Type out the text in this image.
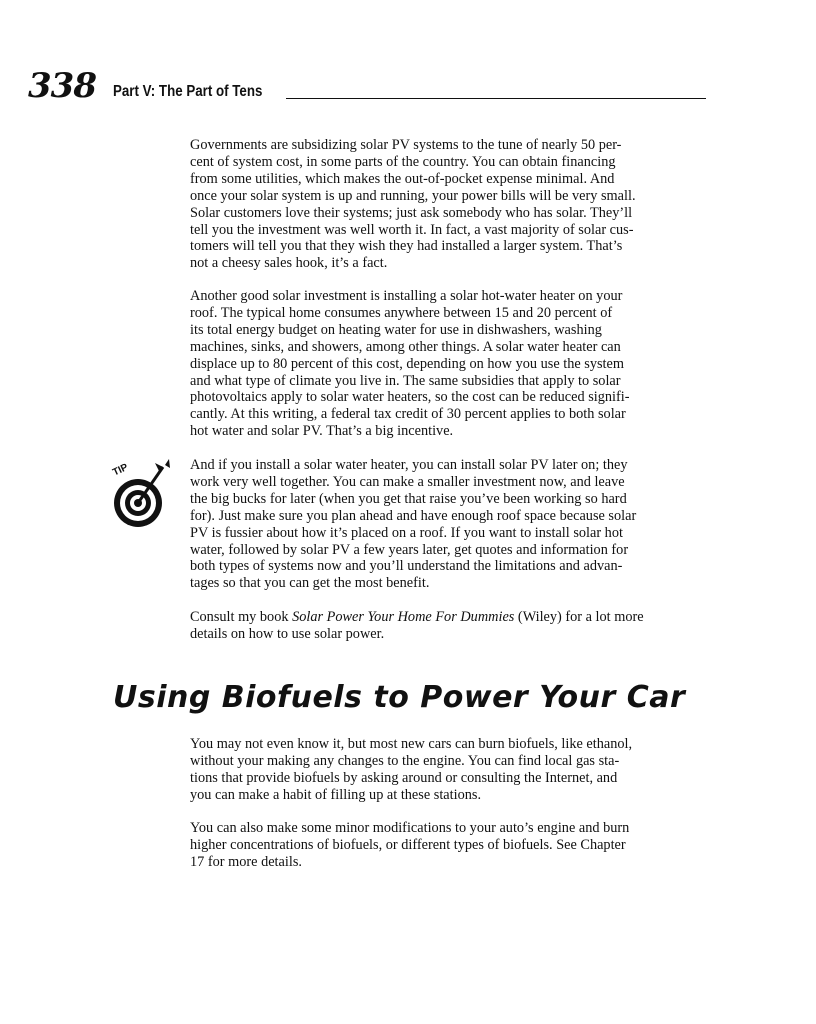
338 Part V: The Part of Tens

Governments are subsidizing solar PV systems to the tune of nearly 50 per-
cent of system cost, in some parts of the country. You can obtain financing
from some utilities, which makes the out-of-pocket expense minimal. And
once your solar system is up and running, your power bills will be very small.
Solar customers love their systems; just ask somebody who has solar. They’ll
tell you the investment was well worth it. In fact, a vast majority of solar cus-
tomers will tell you that they wish they had installed a larger system. That’s
not a cheesy sales hook, it’s a fact.

Another good solar investment is installing a solar hot-water heater on your
roof. The typical home consumes anywhere between 15 and 20 percent of
its total energy budget on heating water for use in dishwashers, washing
machines, sinks, and showers, among other things. A solar water heater can
displace up to 80 percent of this cost, depending on how you use the system
and what type of climate you live in. The same subsidies that apply to solar
photovoltaics apply to solar water heaters, so the cost can be reduced signifi-
cantly. At this writing, a federal tax credit of 30 percent applies to both solar
hot water and solar PV. That’s a big incentive.

TIP	And if you install a solar water heater, you can install solar PV later on; they
work very well together. You can make a smaller investment now, and leave
the big bucks for later (when you get that raise you’ve been working so hard
for). Just make sure you plan ahead and have enough roof space because solar
PV is fussier about how it’s placed on a roof. If you want to install solar hot
water, followed by solar PV a few years later, get quotes and information for
both types of systems now and you’ll understand the limitations and advan-
tages so that you can get the most benefit.

Consult my book Solar Power Your Home For Dummies (Wiley) for a lot more
details on how to use solar power.

Using Biofuels to Power Your Car

You may not even know it, but most new cars can burn biofuels, like ethanol,
without your making any changes to the engine. You can find local gas sta-
tions that provide biofuels by asking around or consulting the Internet, and
you can make a habit of filling up at these stations.

You can also make some minor modifications to your auto’s engine and burn
higher concentrations of biofuels, or different types of biofuels. See Chapter
17 for more details.
